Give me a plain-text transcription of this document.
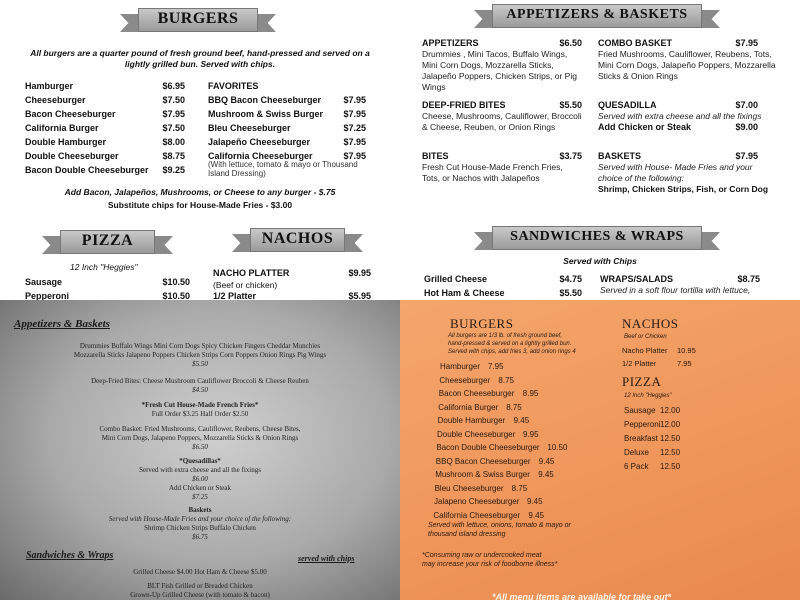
BURGERS
All burgers are a quarter pound of fresh ground beef, hand-pressed and served on a lightly grilled bun. Served with chips.
Hamburger	$6.95
Cheeseburger	$7.50
Bacon Cheeseburger	$7.95
California Burger	$7.50
Double Hamburger	$8.00
Double Cheeseburger	$8.75
Bacon Double Cheeseburger $9.25
FAVORITES
BBQ Bacon Cheeseburger $7.95
Mushroom & Swiss Burger $7.95
Bleu Cheeseburger	$7.25
Jalapeño Cheeseburger	$7.95
California Cheeseburger	$7.95
(With lettuce, tomato & mayo or Thousand Island Dressing)
Add Bacon, Jalapeños, Mushrooms, or Cheese to any burger - $.75
Substitute chips for House-Made Fries - $3.00
PIZZA	NACHOS
12 Inch "Heggies"
Sausage	$10.50
Pepperoni	$10.50
NACHO PLATTER	$9.95
1/2 Platter	$5.95
(Beef or chicken)
APPETIZERS & BASKETS
APPETIZERS	$6.50
Drummies , Mini Tacos, Buffalo Wings, Mini Corn Dogs, Mozzarella Sticks, Jalapeño Poppers, Chicken Strips, or Pig Wings
DEEP-FRIED BITES	$5.50
Cheese, Mushrooms, Cauliflower, Broccoli & Cheese, Reuben, or Onion Rings
BITES	$3.75
Fresh Cut House-Made French Fries, Tots, or Nachos with Jalapeños
COMBO BASKET	$7.95
Fried Mushrooms, Cauliflower, Reubens, Tots, Mini Corn Dogs, Jalapeño Poppers, Mozzarella Sticks & Onion Rings
QUESADILLA	$7.00
Served with extra cheese and all the fixings
Add Chicken or Steak	$9.00
BASKETS	$7.95
Served with House- Made Fries and your choice of the following:
Shrimp, Chicken Strips, Fish, or Corn Dog
SANDWICHES & WRAPS
Served with Chips
Grilled Cheese	$4.75
Hot Ham & Cheese	$5.50
WRAPS/SALADS	$8.75
Served in a soft flour tortilla with lettuce,
Appetizers & Baskets
Drummies Buffalo Wings Mini Corn Dogs Spicy Chicken Fingers Cheddar Munchies
Mozzarella Sticks Jalapeno Poppers Chicken Strips Corn Poppers Onion Rings Pig Wings
$5.50
Deep-Fried Bites: Cheese Mushroom Cauliflower Broccoli & Cheese Reuben
$4.50
*Fresh Cut House-Made French Fries*
Full Order $3.25 Half Order $2.50
Combo Basket: Fried Mushrooms, Cauliflower, Reubens, Cheese Bites,
Mini Corn Dogs, Jalapeno Poppers, Mozzarella Sticks & Onion Rings
$6.50
*Quesadillas*
Served with extra cheese and all the fixings
$6.00
Add Chicken or Steak
$7.25
Baskets
Served with House-Made Fries and your choice of the following:
Shrimp Chicken Strips Buffalo Chicken
$6.75
Sandwiches & Wraps	served with chips
Grilled Cheese $4.00 Hot Ham & Cheese $5.00
BLT Fish Grilled or Breaded Chicken
Grown-Up Grilled Cheese (with tomato & bacon)
BURGERS
All burgers are 1/3 lb. of fresh ground beef,
hand-pressed & served on a lightly grilled bun.
Served with chips, add fries 3, add onion rings 4
Hamburger 7.95
Cheeseburger 8.75
Bacon Cheeseburger 8.95
California Burger 8.75
Double Hamburger 9.45
Double Cheeseburger 9.95
Bacon Double Cheeseburger 10.50
BBQ Bacon Cheeseburger 9.45
Mushroom & Swiss Burger 9.45
Bleu Cheeseburger 8.75
Jalapeno Cheeseburger 9.45
California Cheeseburger 9.45
Served with lettuce, onions, tomato & mayo or
thousand island dressing
*Consuming raw or undercooked meat
may increase your risk of foodborne illness*
NACHOS
Beef or Chicken
Nacho Platter 10.95
1/2 Platter	7.95
PIZZA
12 Inch "Heggies"
Sausage 12.00
Pepperoni 12.00
Breakfast 12.50
Deluxe 12.50
6 Pack 12.50
*All menu items are available for take out*
